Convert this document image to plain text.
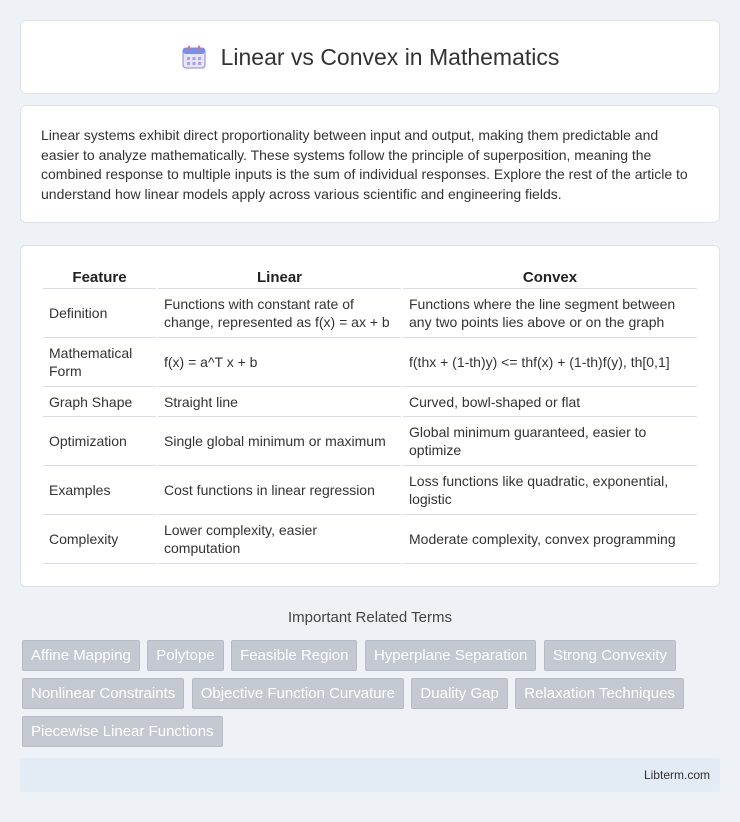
Linear vs Convex in Mathematics

Linear systems exhibit direct proportionality between input and output, making them predictable and easier to analyze mathematically. These systems follow the principle of superposition, meaning the combined response to multiple inputs is the sum of individual responses. Explore the rest of the article to understand how linear models apply across various scientific and engineering fields.

Feature	Linear	Convex
Definition	Functions with constant rate of change, represented as f(x) = ax + b	Functions where the line segment between any two points lies above or on the graph
Mathematical Form	f(x) = a^T x + b	f(thx + (1-th)y) <= thf(x) + (1-th)f(y), th[0,1]
Graph Shape	Straight line	Curved, bowl-shaped or flat
Optimization	Single global minimum or maximum	Global minimum guaranteed, easier to optimize
Examples	Cost functions in linear regression	Loss functions like quadratic, exponential, logistic
Complexity	Lower complexity, easier computation	Moderate complexity, convex programming
Important Related Terms
Affine Mapping Polytope Feasible Region Hyperplane Separation Strong Convexity Nonlinear Constraints Objective Function Curvature Duality Gap Relaxation Techniques Piecewise Linear Functions
Libterm.com
